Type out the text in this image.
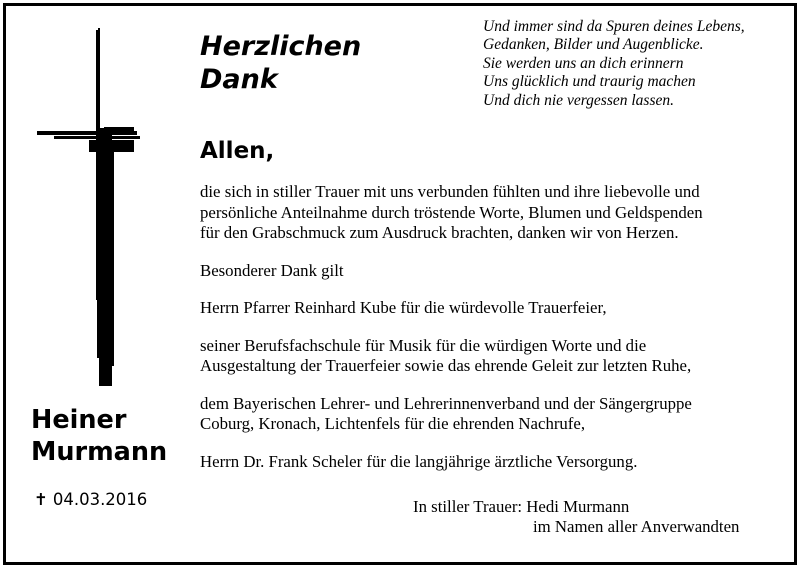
Herzlichen
Dank
Und immer sind da Spuren deines Lebens,
Gedanken, Bilder und Augenblicke.
Sie werden uns an dich erinnern
Uns glücklich und traurig machen
Und dich nie vergessen lassen.
Allen,

die sich in stiller Trauer mit uns verbunden fühlten und ihre liebevolle und
persönliche Anteilnahme durch tröstende Worte, Blumen und Geldspenden
für den Grabschmuck zum Ausdruck brachten, danken wir von Herzen.

Besonderer Dank gilt

Herrn Pfarrer Reinhard Kube für die würdevolle Trauerfeier,

seiner Berufsfachschule für Musik für die würdigen Worte und die
Ausgestaltung der Trauerfeier sowie das ehrende Geleit zur letzten Ruhe,

dem Bayerischen Lehrer- und Lehrerinnenverband und der Sängergruppe
Coburg, Kronach, Lichtenfels für die ehrenden Nachrufe,

Herrn Dr. Frank Scheler für die langjährige ärztliche Versorgung.

Heiner
Murmann
✝ 04.03.2016	In stiller Trauer: Hedi Murmann
im Namen aller Anverwandten
